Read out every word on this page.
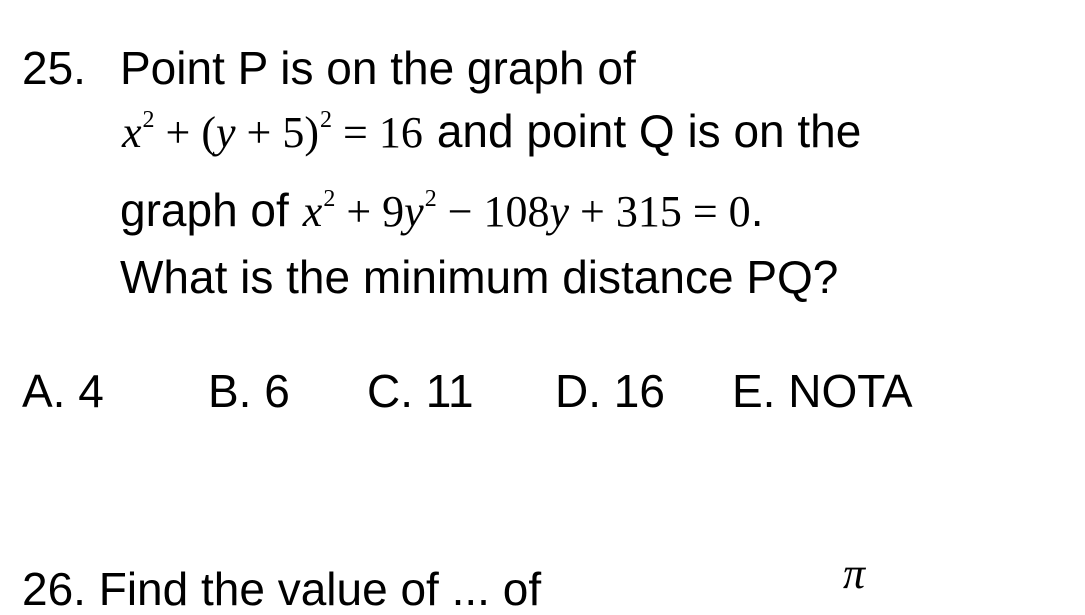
25. Point P is on the graph of
$x^2 + (y + 5)^2 = 16$ and point Q is on the
graph of $x^2 + 9y^2 - 108y + 315 = 0$.
What is the minimum distance PQ?
A. 4 B. 6 C. 11 D. 16 E. NOTA
26. Find the value of ... of	π
